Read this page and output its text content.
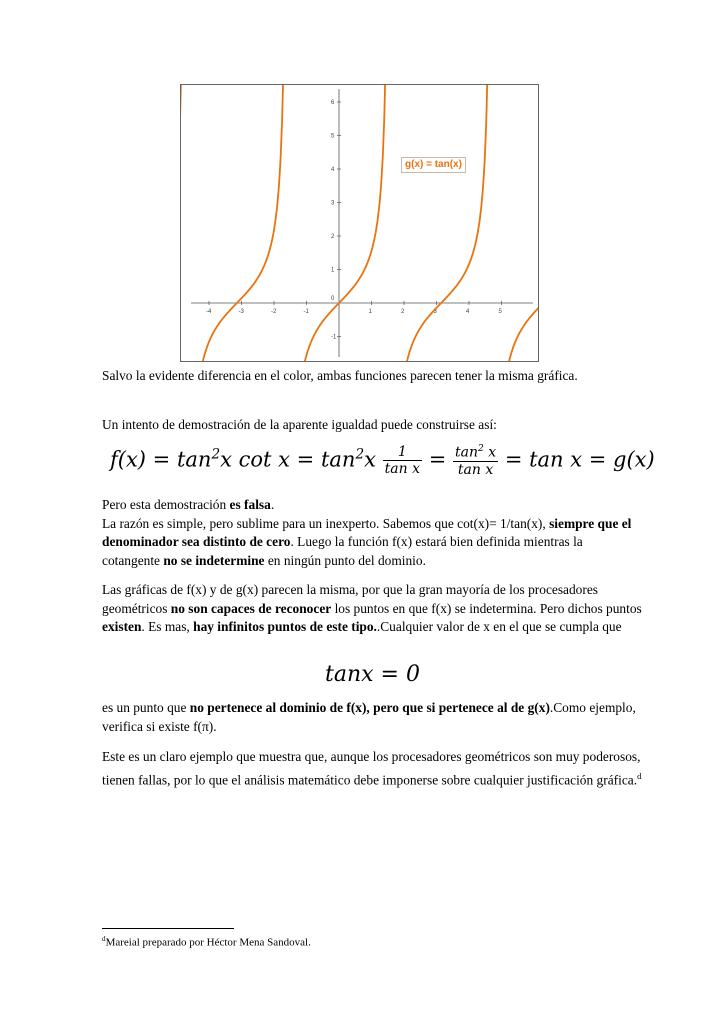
-4	-3	-2	-1	1	2	3	4	5
6
5
4
3
2
1
-1
0
g(x) = tan(x)
Salvo la evidente diferencia en el color, ambas funciones parecen tener la misma gráfica.
Un intento de demostración de la aparente igualdad puede construirse así:
$f(x) = \tan^2x$ $\cot x = \tan^2x \frac{1}{\text{tan x}} = \frac{\tan^2 x}{\text{tan x}} = \tan x = g(x)$
Pero esta demostración es falsa.
La razón es simple, pero sublime para un inexperto. Sabemos que cot(x)= 1/tan(x), siempre que el denominador sea distinto de cero. Luego la función f(x) estará bien definida mientras la cotangente no se indetermine en ningún punto del dominio.
Las gráficas de f(x) y de g(x) parecen la misma, por que la gran mayoría de los procesadores geométricos no son capaces de reconocer los puntos en que f(x) se indetermina. Pero dichos puntos existen. Es mas, hay infinitos puntos de este tipo..Cualquier valor de x en el que se cumpla que
tanx = 0
es un punto que no pertenece al dominio de f(x), pero que si pertenece al de g(x).Como ejemplo, verifica si existe f(π).
Este es un claro ejemplo que muestra que, aunque los procesadores geométricos son muy poderosos, tienen fallas, por lo que el análisis matemático debe imponerse sobre cualquier justificación gráfica.$^d$
$^d$Mareial preparado por Héctor Mena Sandoval.
